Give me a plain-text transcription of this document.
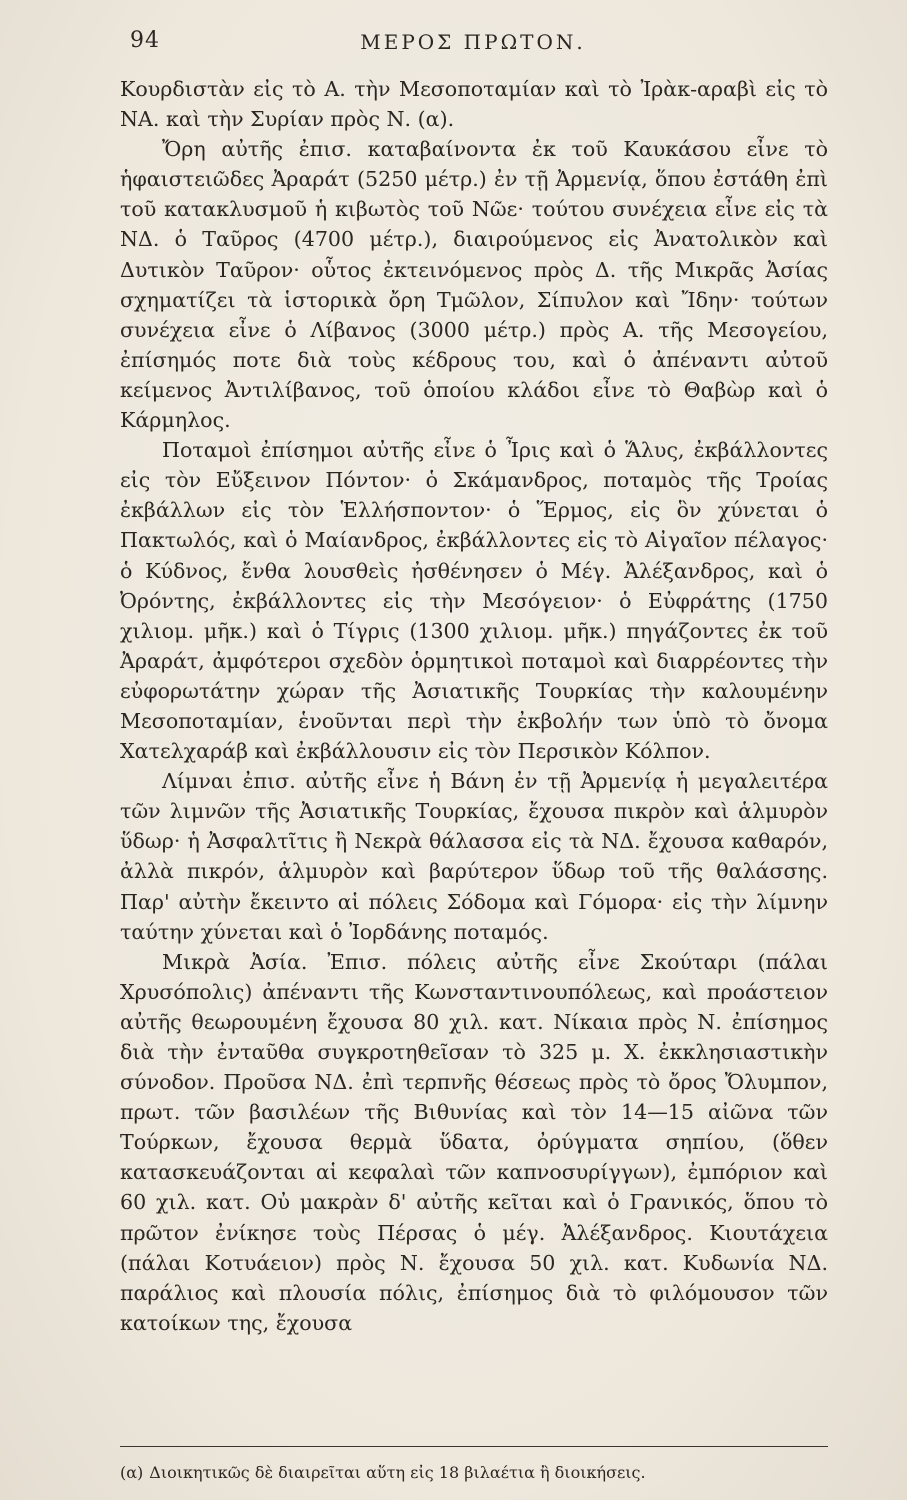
94	ΜΕΡΟΣ ΠΡΩΤΟΝ.

Κουρδιστὰν εἰς τὸ Α. τὴν Μεσοποταμίαν καὶ τὸ Ἰρὰκ-αραβὶ εἰς τὸ ΝΑ. καὶ τὴν Συρίαν πρὸς Ν. (α).

Ὄρη αὐτῆς ἐπισ. καταβαίνοντα ἐκ τοῦ Καυκάσου εἶνε τὸ ἡφαιστειῶδες Ἀραράτ (5250 μέτρ.) ἐν τῇ Ἀρμενίᾳ, ὅπου ἐστάθη ἐπὶ τοῦ κατακλυσμοῦ ἡ κιβωτὸς τοῦ Νῶε· τούτου συνέχεια εἶνε εἰς τὰ ΝΔ. ὁ Ταῦρος (4700 μέτρ.), διαιρούμενος εἰς Ἀνατολικὸν καὶ Δυτικὸν Ταῦρον· οὗτος ἐκτεινόμενος πρὸς Δ. τῆς Μικρᾶς Ἀσίας σχηματίζει τὰ ἱστορικὰ ὄρη Τμῶλον, Σίπυλον καὶ Ἴδην· τούτων συνέχεια εἶνε ὁ Λίβανος (3000 μέτρ.) πρὸς Α. τῆς Μεσογείου, ἐπίσημός ποτε διὰ τοὺς κέδρους του, καὶ ὁ ἀπέναντι αὐτοῦ κείμενος Ἀντιλίβανος, τοῦ ὁποίου κλάδοι εἶνε τὸ Θαβὼρ καὶ ὁ Κάρμηλος.

Ποταμοὶ ἐπίσημοι αὐτῆς εἶνε ὁ Ἶρις καὶ ὁ Ἅλυς, ἐκβάλλοντες εἰς τὸν Εὔξεινον Πόντον· ὁ Σκάμανδρος, ποταμὸς τῆς Τροίας ἐκβάλλων εἰς τὸν Ἑλλήσποντον· ὁ Ἕρμος, εἰς ὃν χύνεται ὁ Πακτωλός, καὶ ὁ Μαίανδρος, ἐκβάλλοντες εἰς τὸ Αἰγαῖον πέλαγος· ὁ Κύδνος, ἔνθα λουσθεὶς ἠσθένησεν ὁ Μέγ. Ἀλέξανδρος, καὶ ὁ Ὀρόντης, ἐκβάλλοντες εἰς τὴν Μεσόγειον· ὁ Εὐφράτης (1750 χιλιομ. μῆκ.) καὶ ὁ Τίγρις (1300 χιλιομ. μῆκ.) πηγάζοντες ἐκ τοῦ Ἀραράτ, ἀμφότεροι σχεδὸν ὁρμητικοὶ ποταμοὶ καὶ διαρρέοντες τὴν εὐφορωτάτην χώραν τῆς Ἀσιατικῆς Τουρκίας τὴν καλουμένην Μεσοποταμίαν, ἑνοῦνται περὶ τὴν ἐκβολήν των ὑπὸ τὸ ὄνομα Χατελχαράβ καὶ ἐκβάλλουσιν εἰς τὸν Περσικὸν Κόλπον.

Λίμναι ἐπισ. αὐτῆς εἶνε ἡ Βάνη ἐν τῇ Ἀρμενίᾳ ἡ μεγαλειτέρα τῶν λιμνῶν τῆς Ἀσιατικῆς Τουρκίας, ἔχουσα πικρὸν καὶ ἁλμυρὸν ὕδωρ· ἡ Ἀσφαλτῖτις ἢ Νεκρὰ θάλασσα εἰς τὰ ΝΔ. ἔχουσα καθαρόν, ἀλλὰ πικρόν, ἁλμυρὸν καὶ βαρύτερον ὕδωρ τοῦ τῆς θαλάσσης. Παρ' αὐτὴν ἔκειντο αἱ πόλεις Σόδομα καὶ Γόμορα· εἰς τὴν λίμνην ταύτην χύνεται καὶ ὁ Ἰορδάνης ποταμός.

Μικρὰ Ἀσία. Ἐπισ. πόλεις αὐτῆς εἶνε Σκούταρι (πάλαι Χρυσόπολις) ἀπέναντι τῆς Κωνσταντινουπόλεως, καὶ προάστειον αὐτῆς θεωρουμένη ἔχουσα 80 χιλ. κατ. Νίκαια πρὸς Ν. ἐπίσημος διὰ τὴν ἐνταῦθα συγκροτηθεῖσαν τὸ 325 μ. Χ. ἐκκλησιαστικὴν σύνοδον. Προῦσα ΝΔ. ἐπὶ τερπνῆς θέσεως πρὸς τὸ ὄρος Ὄλυμπον, πρωτ. τῶν βασιλέων τῆς Βιθυνίας καὶ τὸν 14—15 αἰῶνα τῶν Τούρκων, ἔχουσα θερμὰ ὕδατα, ὀρύγματα σηπίου, (ὅθεν κατασκευάζονται αἱ κεφαλαὶ τῶν καπνοσυρίγγων), ἐμπόριον καὶ 60 χιλ. κατ. Οὐ μακρὰν δ' αὐτῆς κεῖται καὶ ὁ Γρανικός, ὅπου τὸ πρῶτον ἐνίκησε τοὺς Πέρσας ὁ μέγ. Ἀλέξανδρος. Κιουτάχεια (πάλαι Κοτυάειον) πρὸς Ν. ἔχουσα 50 χιλ. κατ. Κυδωνία ΝΔ. παράλιος καὶ πλουσία πόλις, ἐπίσημος διὰ τὸ φιλόμουσον τῶν κατοίκων της, ἔχουσα

(α) Διοικητικῶς δὲ διαιρεῖται αὕτη εἰς 18 βιλαέτια ἢ διοικήσεις.
